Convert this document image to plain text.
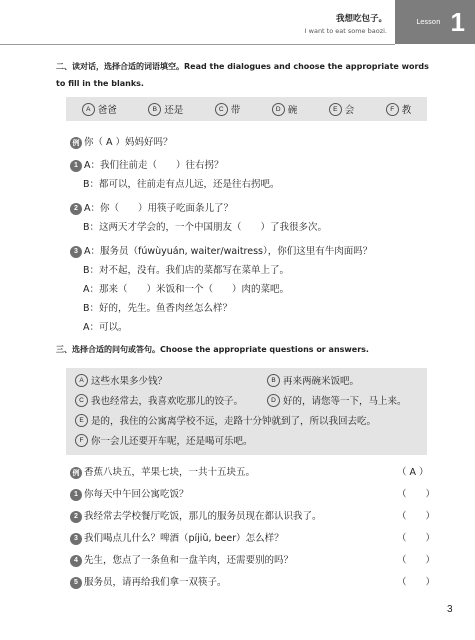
我想吃包子。
I want to eat some baozi.
Lesson 1
二、读对话，选择合适的词语填空。Read the dialogues and choose the appropriate words to fill in the blanks.
A 爸爸	B 还是	C 带	D 碗	E 会	F 教
例 你（ A ）妈妈好吗？
1 A：我们往前走（　　）往右拐？
B：都可以，往前走有点儿远，还是往右拐吧。
2 A：你（　　）用筷子吃面条儿了？
B：这两天才学会的，一个中国朋友（　　）了我很多次。
3 A：服务员（fúwùyuán, waiter/waitress），你们这里有牛肉面吗？
B：对不起，没有。我们店的菜都写在菜单上了。
A：那来（　　）米饭和一个（　　）肉的菜吧。
B：好的，先生。鱼香肉丝怎么样？
A：可以。
三、选择合适的问句或答句。Choose the appropriate questions or answers.
A 这些水果多少钱？	B 再来两碗米饭吧。
C 我也经常去，我喜欢吃那儿的饺子。	D 好的，请您等一下，马上来。
E 是的，我住的公寓离学校不远，走路十分钟就到了，所以我回去吃。
F 你一会儿还要开车呢，还是喝可乐吧。
例 香蕉八块五，苹果七块，一共十五块五。	（ A ）
1 你每天中午回公寓吃饭？	（　　）
2 我经常去学校餐厅吃饭，那儿的服务员现在都认识我了。	（　　）
3 我们喝点儿什么？啤酒（píjiǔ, beer）怎么样？	（　　）
4 先生，您点了一条鱼和一盘羊肉，还需要别的吗？	（　　）
5 服务员，请再给我们拿一双筷子。	（　　）
3
